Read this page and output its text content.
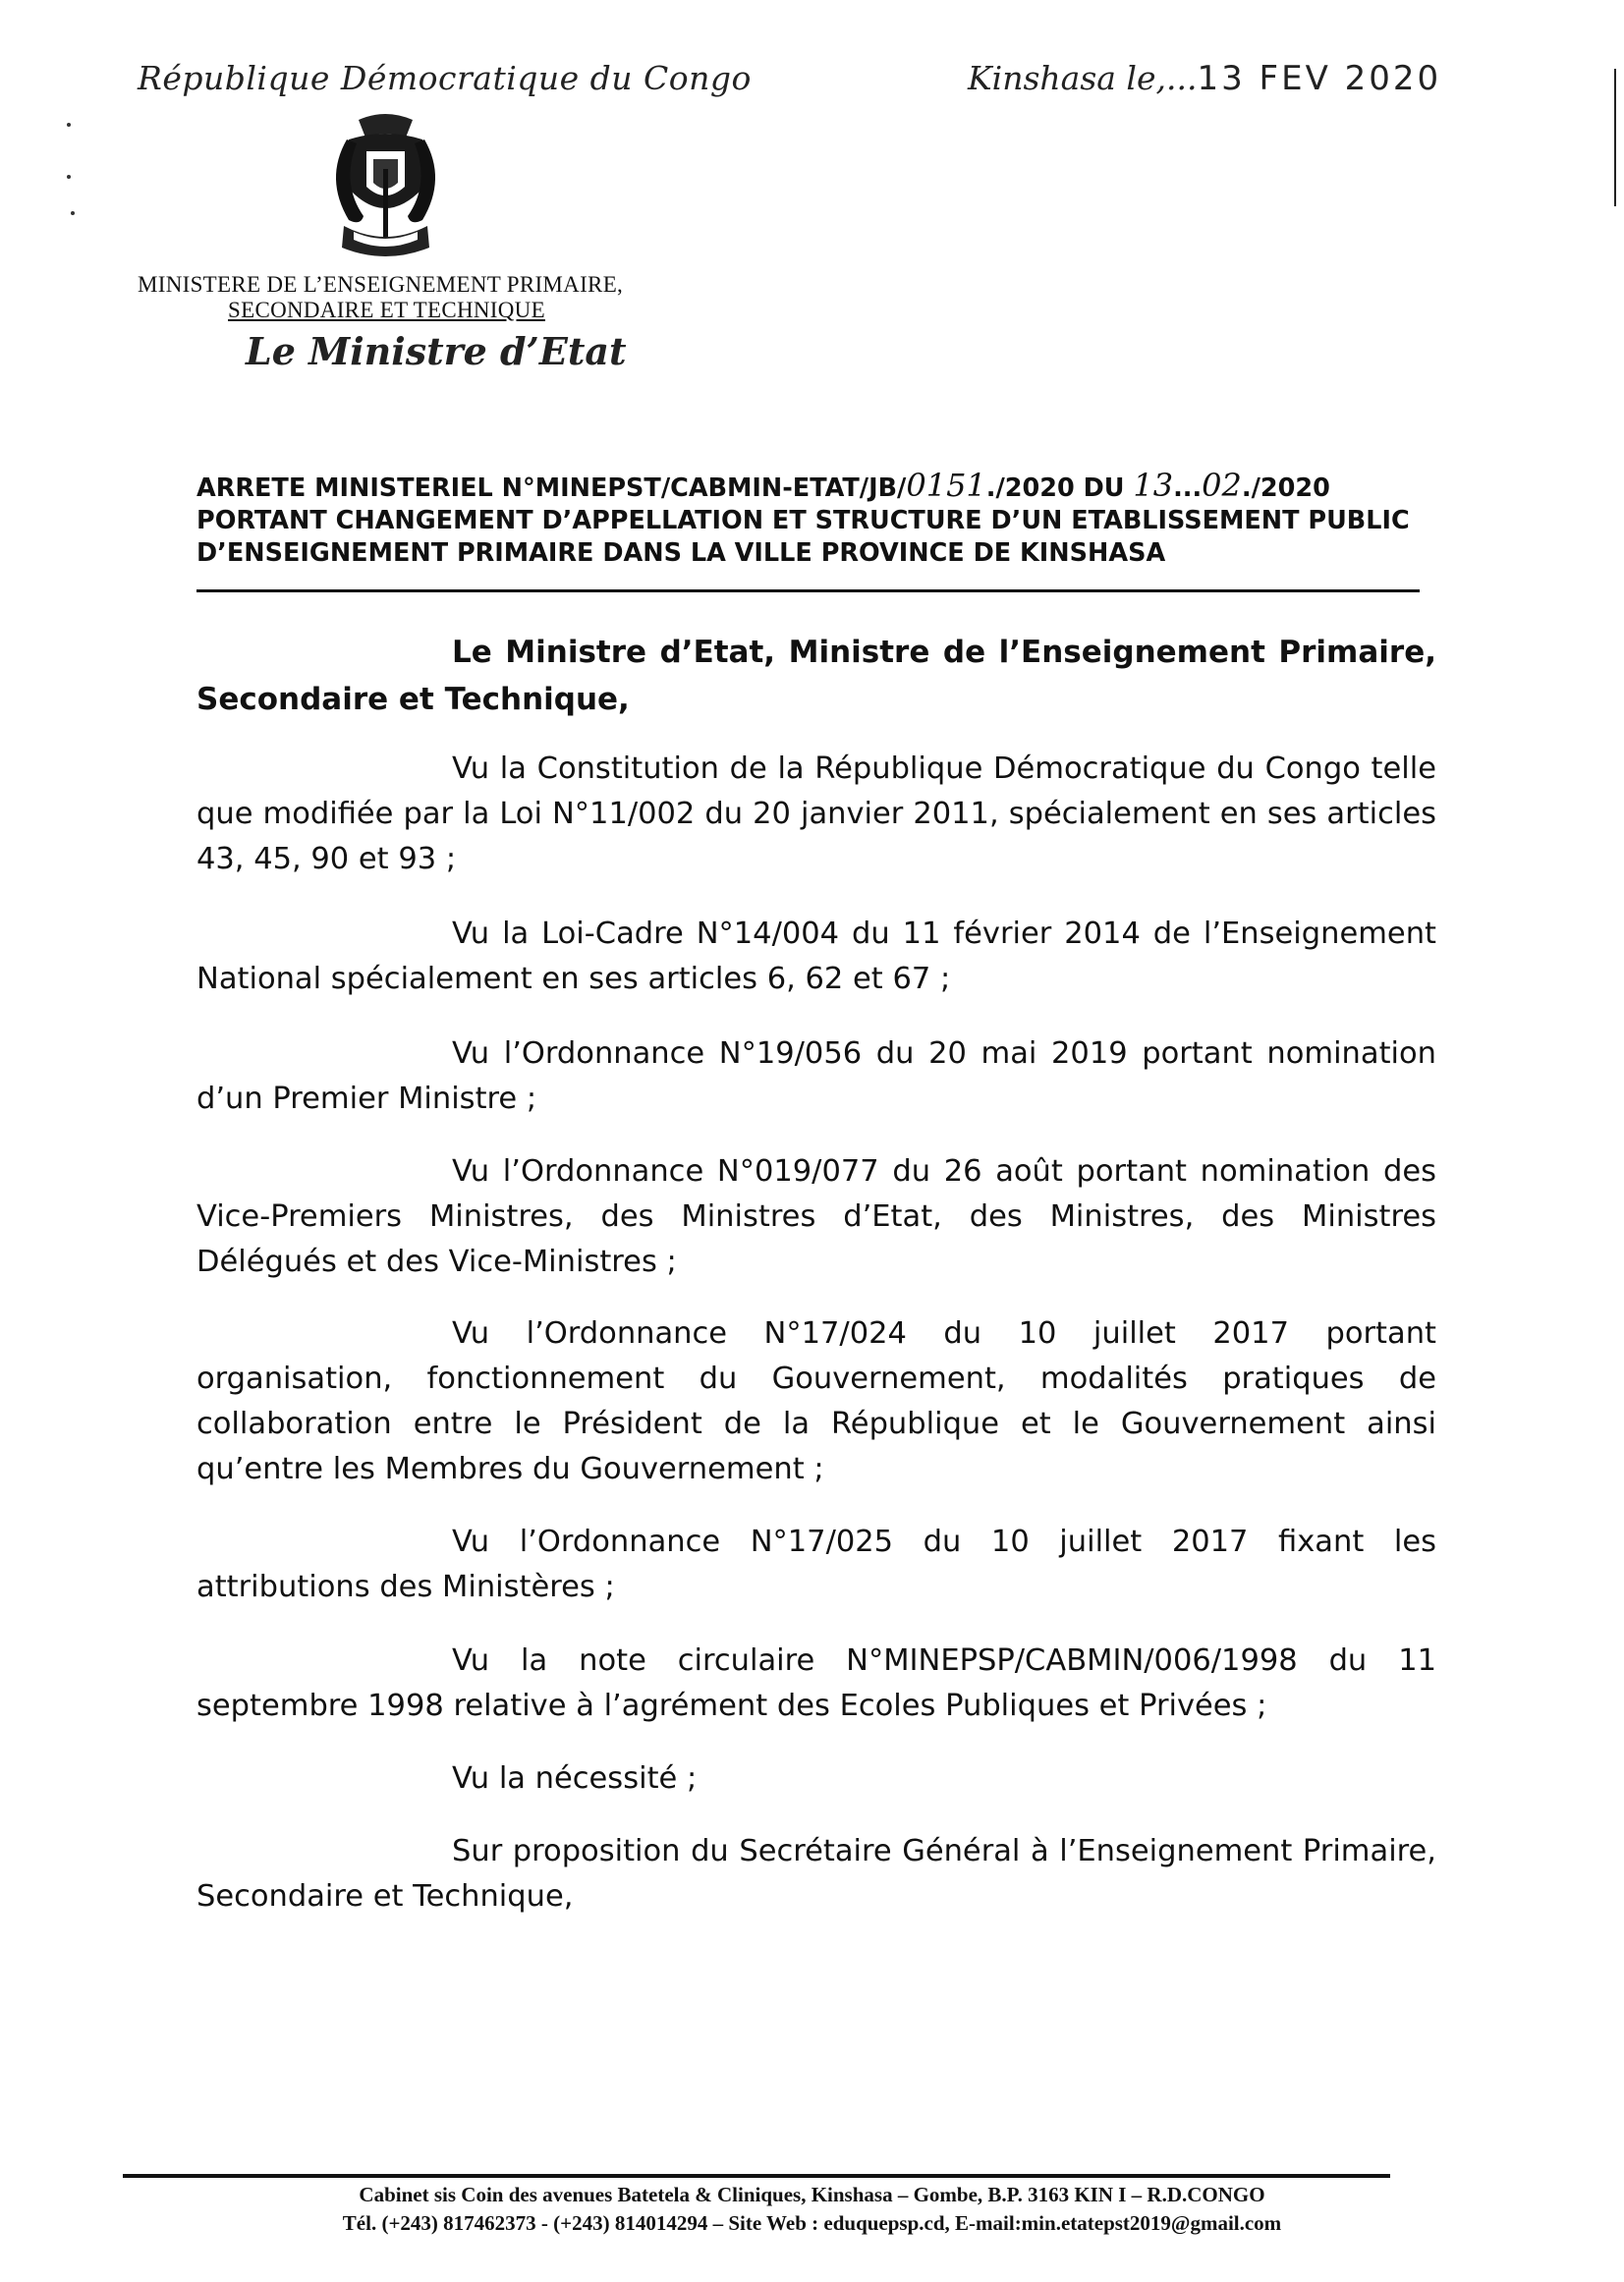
République Démocratique du Congo	Kinshasa le,...13 FEV 2020
MINISTERE DE L’ENSEIGNEMENT PRIMAIRE,
SECONDAIRE ET TECHNIQUE
Le Ministre d’Etat
ARRETE MINISTERIEL N°MINEPST/CABMIN-ETAT/JB/0151./2020 DU 13...02./2020
PORTANT CHANGEMENT D’APPELLATION ET STRUCTURE D’UN ETABLISSEMENT PUBLIC
D’ENSEIGNEMENT PRIMAIRE DANS LA VILLE PROVINCE DE KINSHASA
Le Ministre d’Etat, Ministre de l’Enseignement Primaire, Secondaire et Technique,
Vu la Constitution de la République Démocratique du Congo telle que modifiée par la Loi N°11/002 du 20 janvier 2011, spécialement en ses articles 43, 45, 90 et 93 ;
Vu la Loi-Cadre N°14/004 du 11 février 2014 de l’Enseignement National spécialement en ses articles 6, 62 et 67 ;
Vu l’Ordonnance N°19/056 du 20 mai 2019 portant nomination d’un Premier Ministre ;
Vu l’Ordonnance N°019/077 du 26 août portant nomination des Vice-Premiers Ministres, des Ministres d’Etat, des Ministres, des Ministres Délégués et des Vice-Ministres ;
Vu l’Ordonnance N°17/024 du 10 juillet 2017 portant organisation, fonctionnement du Gouvernement, modalités pratiques de collaboration entre le Président de la République et le Gouvernement ainsi qu’entre les Membres du Gouvernement ;
Vu l’Ordonnance N°17/025 du 10 juillet 2017 fixant les attributions des Ministères ;
Vu la note circulaire N°MINEPSP/CABMIN/006/1998 du 11 septembre 1998 relative à l’agrément des Ecoles Publiques et Privées ;
Vu la nécessité ;
Sur proposition du Secrétaire Général à l’Enseignement Primaire, Secondaire et Technique,
Cabinet sis Coin des avenues Batetela & Cliniques, Kinshasa – Gombe, B.P. 3163 KIN I – R.D.CONGO
Tél. (+243) 817462373 - (+243) 814014294 – Site Web : eduquepsp.cd, E-mail:min.etatepst2019@gmail.com
